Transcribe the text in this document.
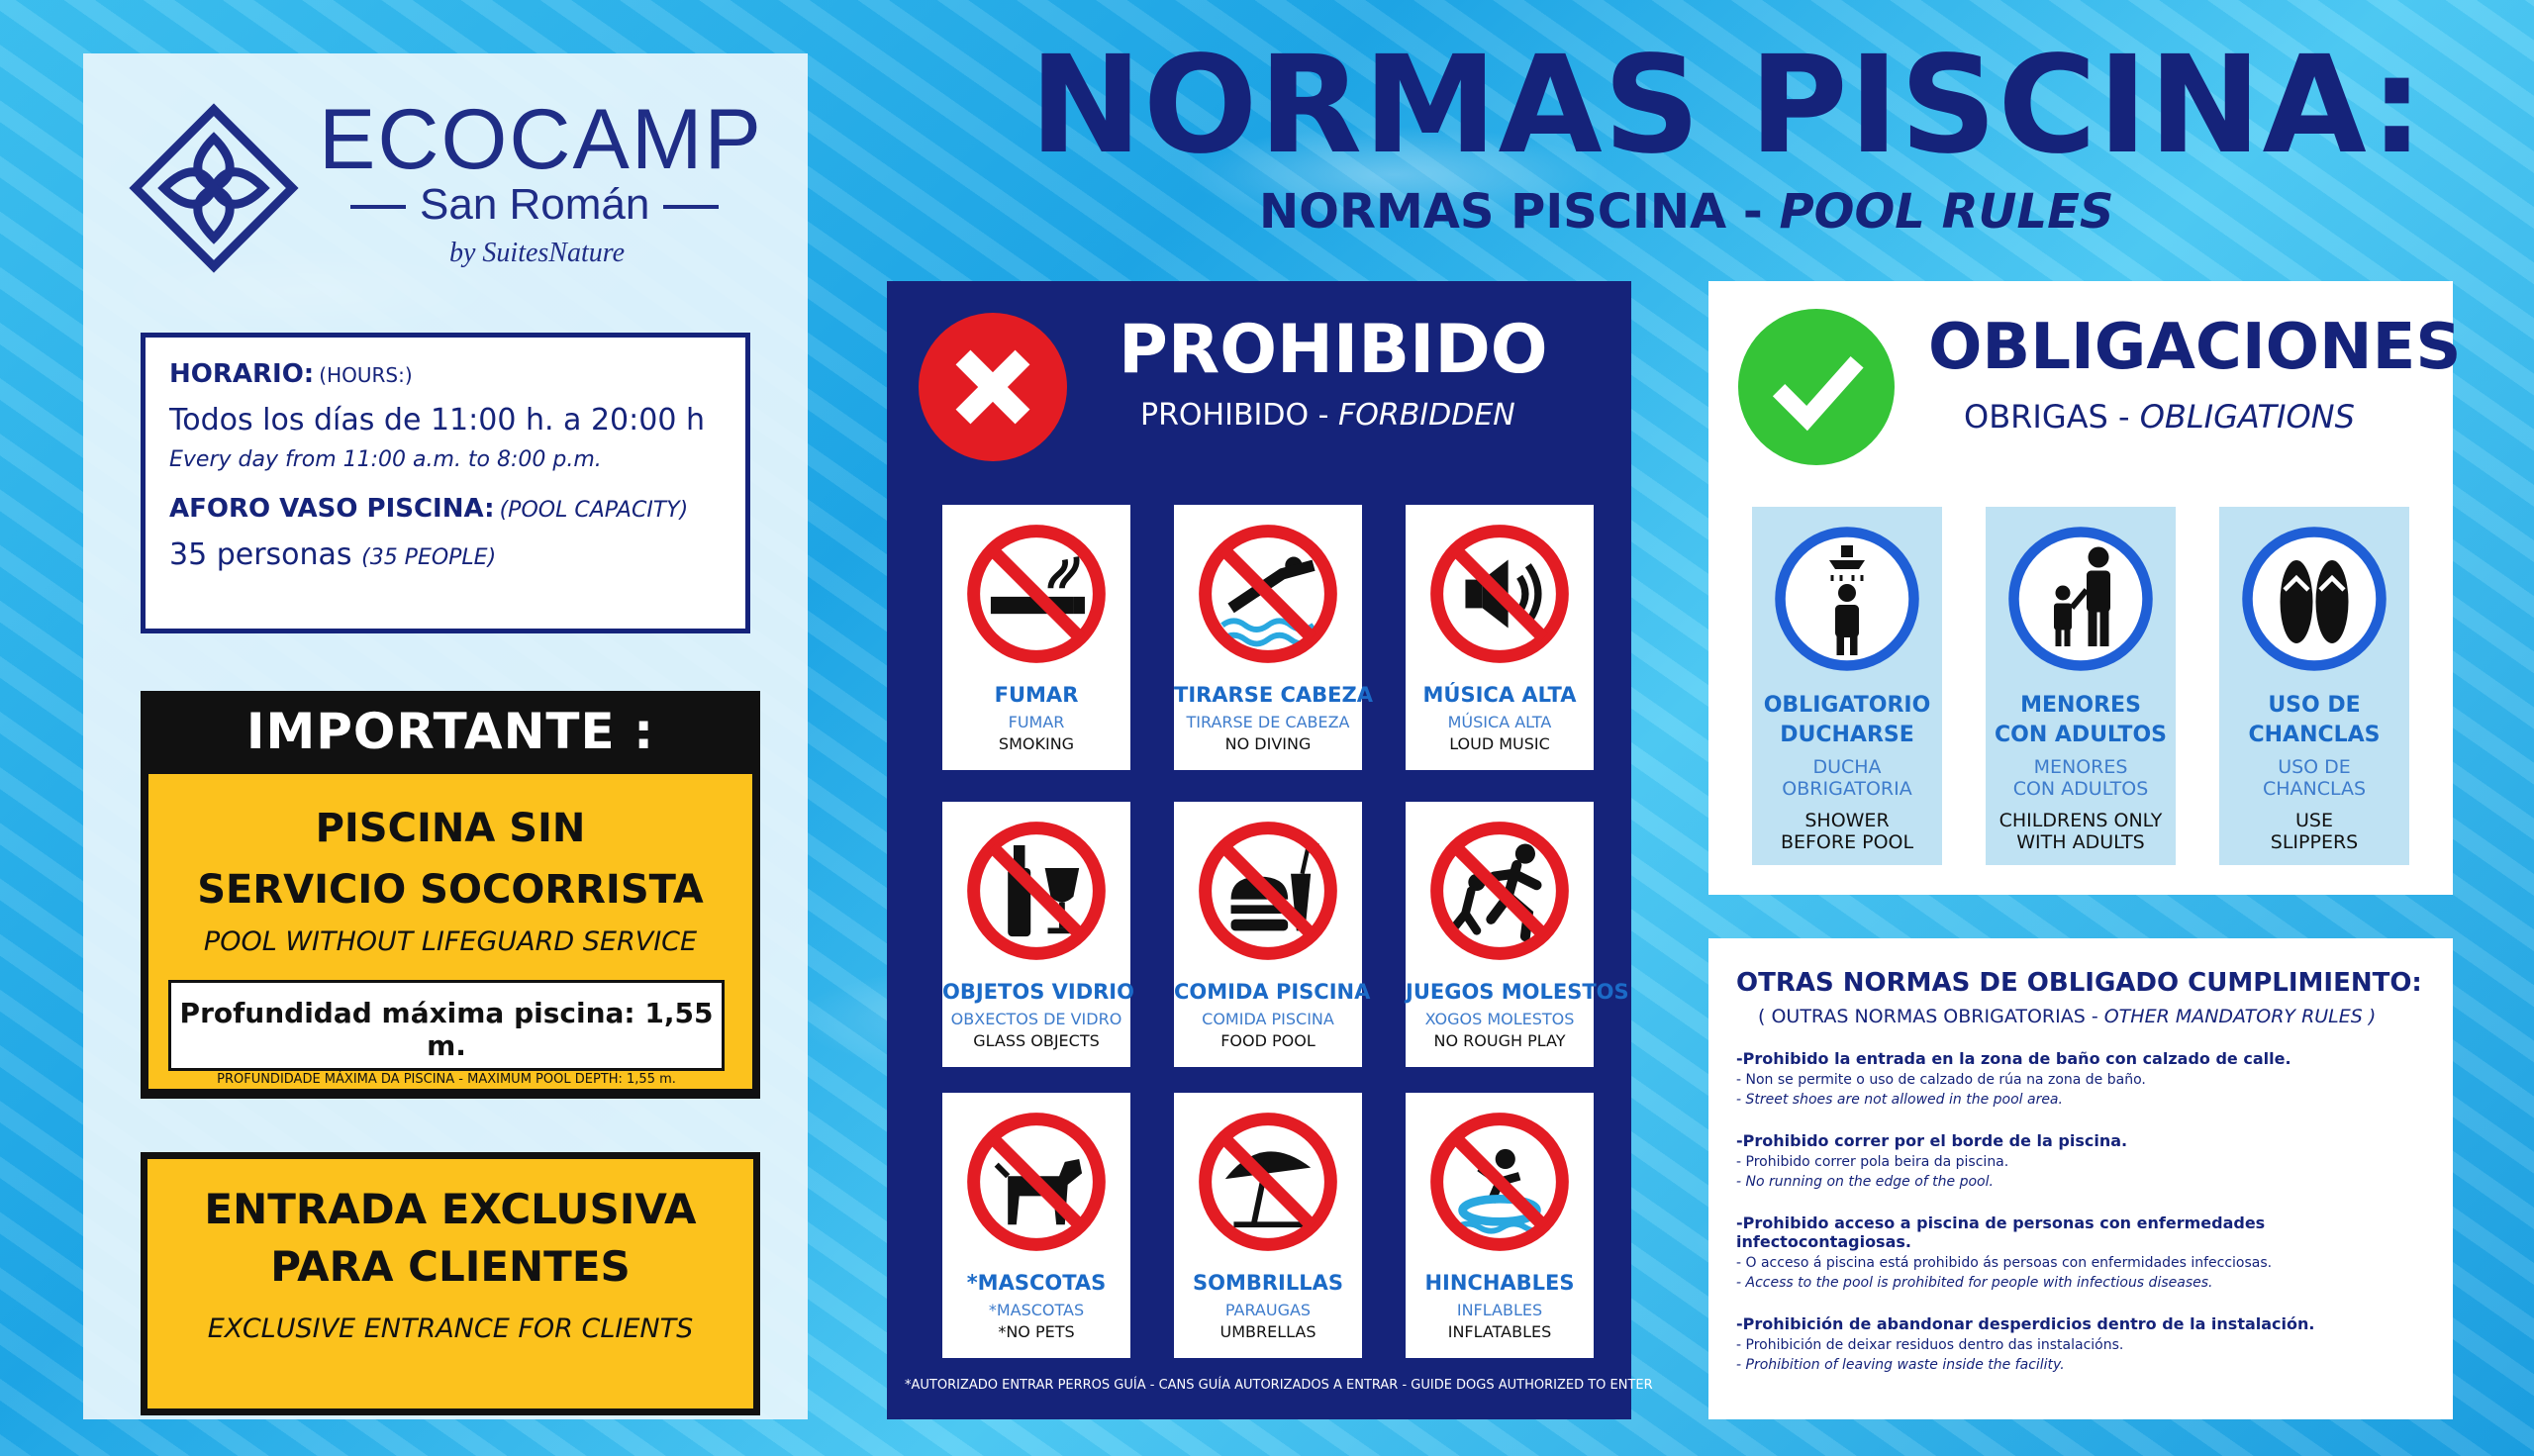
ECOCAMP
San Román
by SuitesNature
HORARIO: (HOURS:)
Todos los días de 11:00 h. a 20:00 h
Every day from 11:00 a.m. to 8:00 p.m.
AFORO VASO PISCINA: (POOL CAPACITY)
35 personas (35 PEOPLE)
IMPORTANTE :
PISCINA SIN
SERVICIO SOCORRISTA
POOL WITHOUT LIFEGUARD SERVICE
Profundidad máxima piscina: 1,55 m.
PROFUNDIDADE MÁXIMA DA PISCINA - MAXIMUM POOL DEPTH: 1,55 m.
ENTRADA EXCLUSIVA
PARA CLIENTES
EXCLUSIVE ENTRANCE FOR CLIENTS
NORMAS PISCINA:
NORMAS PISCINA - POOL RULES
PROHIBIDO
PROHIBIDO - FORBIDDEN
FUMAR
FUMAR
SMOKING
TIRARSE CABEZA
TIRARSE DE CABEZA
NO DIVING
MÚSICA ALTA
MÚSICA ALTA
LOUD MUSIC
OBJETOS VIDRIO
OBXECTOS DE VIDRO
GLASS OBJECTS
COMIDA PISCINA
COMIDA PISCINA
FOOD POOL
JUEGOS MOLESTOS
XOGOS MOLESTOS
NO ROUGH PLAY
*MASCOTAS
*MASCOTAS
*NO PETS
SOMBRILLAS
PARAUGAS
UMBRELLAS
HINCHABLES
INFLABLES
INFLATABLES
*AUTORIZADO ENTRAR PERROS GUÍA - CANS GUÍA AUTORIZADOS A ENTRAR - GUIDE DOGS AUTHORIZED TO ENTER
OBLIGACIONES
OBRIGAS - OBLIGATIONS
OBLIGATORIO
DUCHARSE
DUCHA
OBRIGATORIA
SHOWER
BEFORE POOL
MENORES
CON ADULTOS
MENORES
CON ADULTOS
CHILDRENS ONLY
WITH ADULTS
USO DE
CHANCLAS
USO DE
CHANCLAS
USE
SLIPPERS
OTRAS NORMAS DE OBLIGADO CUMPLIMIENTO:
( OUTRAS NORMAS OBRIGATORIAS - OTHER MANDATORY RULES )
-Prohibido la entrada en la zona de baño con calzado de calle.
- Non se permite o uso de calzado de rúa na zona de baño.
- Street shoes are not allowed in the pool area.
-Prohibido correr por el borde de la piscina.
- Prohibido correr pola beira da piscina.
- No running on the edge of the pool.
-Prohibido acceso a piscina de personas con enfermedades infectocontagiosas.
- O acceso á piscina está prohibido ás persoas con enfermidades infecciosas.
- Access to the pool is prohibited for people with infectious diseases.
-Prohibición de abandonar desperdicios dentro de la instalación.
- Prohibición de deixar residuos dentro das instalacións.
- Prohibition of leaving waste inside the facility.
